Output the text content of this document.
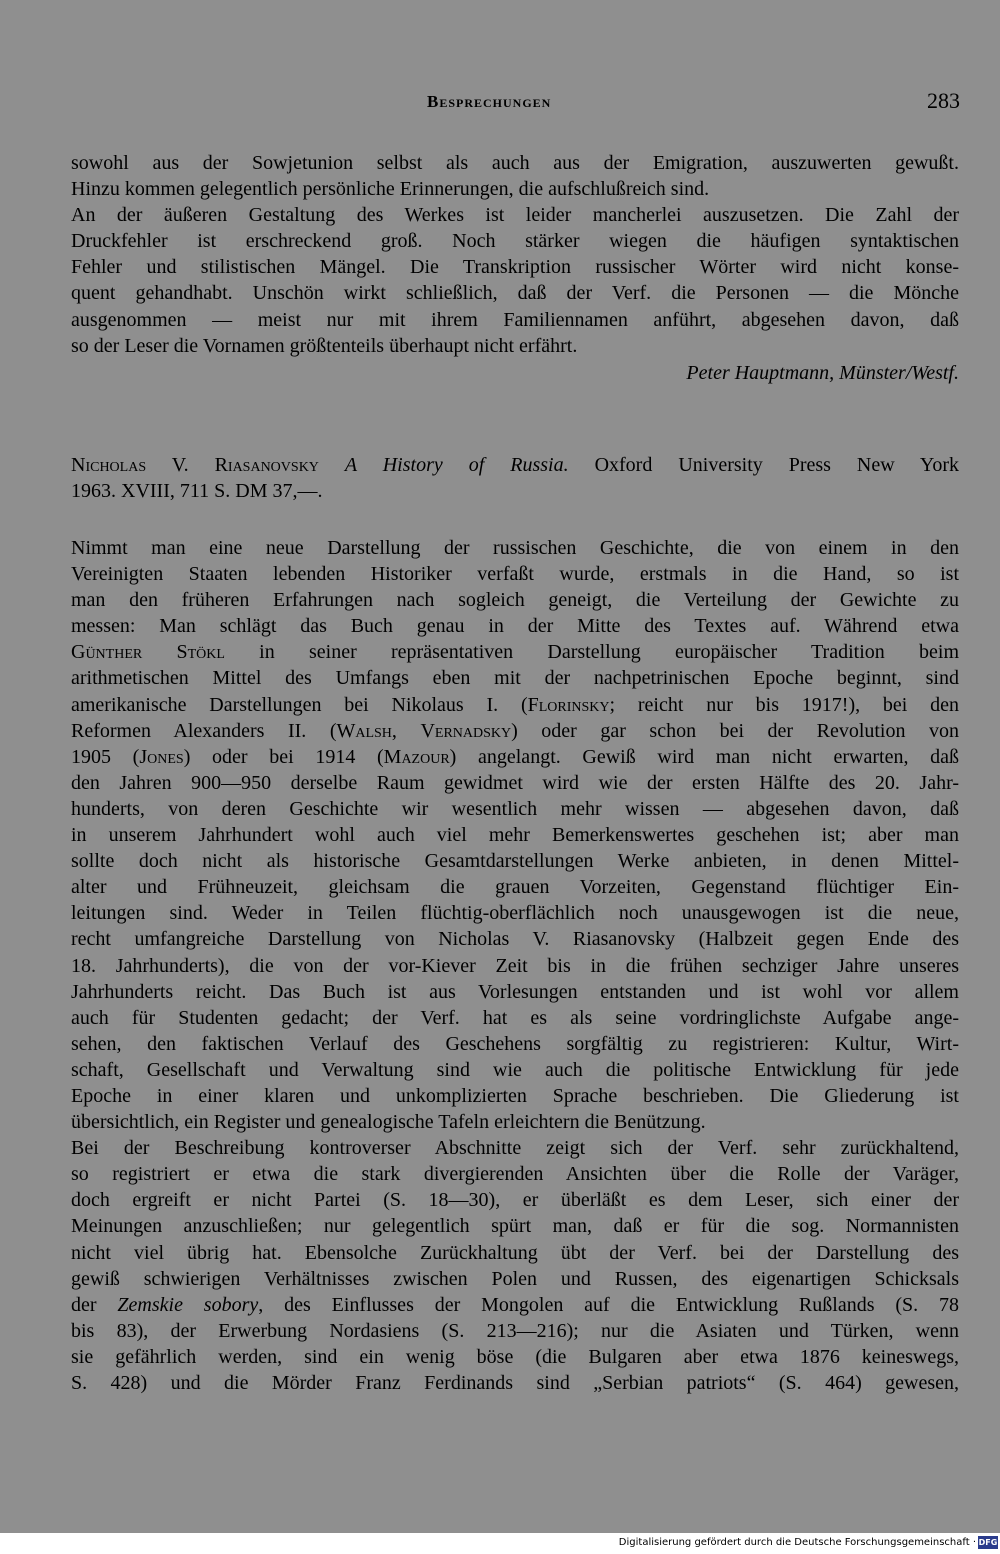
Besprechungen	283
sowohl aus der Sowjetunion selbst als auch aus der Emigration, auszuwerten gewußt.
Hinzu kommen gelegentlich persönliche Erinnerungen, die aufschlußreich sind.
An der äußeren Gestaltung des Werkes ist leider mancherlei auszusetzen. Die Zahl der
Druckfehler ist erschreckend groß. Noch stärker wiegen die häufigen syntaktischen
Fehler und stilistischen Mängel. Die Transkription russischer Wörter wird nicht konse-
quent gehandhabt. Unschön wirkt schließlich, daß der Verf. die Personen — die Mönche
ausgenommen — meist nur mit ihrem Familiennamen anführt, abgesehen davon, daß
so der Leser die Vornamen größtenteils überhaupt nicht erfährt.
Peter Hauptmann, Münster/Westf.
Nicholas V. Riasanovsky A History of Russia. Oxford University Press New York
1963. XVIII, 711 S. DM 37,—.
Nimmt man eine neue Darstellung der russischen Geschichte, die von einem in den
Vereinigten Staaten lebenden Historiker verfaßt wurde, erstmals in die Hand, so ist
man den früheren Erfahrungen nach sogleich geneigt, die Verteilung der Gewichte zu
messen: Man schlägt das Buch genau in der Mitte des Textes auf. Während etwa
Günther Stökl in seiner repräsentativen Darstellung europäischer Tradition beim
arithmetischen Mittel des Umfangs eben mit der nachpetrinischen Epoche beginnt, sind
amerikanische Darstellungen bei Nikolaus I. (Florinsky; reicht nur bis 1917!), bei den
Reformen Alexanders II. (Walsh, Vernadsky) oder gar schon bei der Revolution von
1905 (Jones) oder bei 1914 (Mazour) angelangt. Gewiß wird man nicht erwarten, daß
den Jahren 900—950 derselbe Raum gewidmet wird wie der ersten Hälfte des 20. Jahr-
hunderts, von deren Geschichte wir wesentlich mehr wissen — abgesehen davon, daß
in unserem Jahrhundert wohl auch viel mehr Bemerkenswertes geschehen ist; aber man
sollte doch nicht als historische Gesamtdarstellungen Werke anbieten, in denen Mittel-
alter und Frühneuzeit, gleichsam die grauen Vorzeiten, Gegenstand flüchtiger Ein-
leitungen sind. Weder in Teilen flüchtig-oberflächlich noch unausgewogen ist die neue,
recht umfangreiche Darstellung von Nicholas V. Riasanovsky (Halbzeit gegen Ende des
18. Jahrhunderts), die von der vor-Kiever Zeit bis in die frühen sechziger Jahre unseres
Jahrhunderts reicht. Das Buch ist aus Vorlesungen entstanden und ist wohl vor allem
auch für Studenten gedacht; der Verf. hat es als seine vordringlichste Aufgabe ange-
sehen, den faktischen Verlauf des Geschehens sorgfältig zu registrieren: Kultur, Wirt-
schaft, Gesellschaft und Verwaltung sind wie auch die politische Entwicklung für jede
Epoche in einer klaren und unkomplizierten Sprache beschrieben. Die Gliederung ist
übersichtlich, ein Register und genealogische Tafeln erleichtern die Benützung.
Bei der Beschreibung kontroverser Abschnitte zeigt sich der Verf. sehr zurückhaltend,
so registriert er etwa die stark divergierenden Ansichten über die Rolle der Varäger,
doch ergreift er nicht Partei (S. 18—30), er überläßt es dem Leser, sich einer der
Meinungen anzuschließen; nur gelegentlich spürt man, daß er für die sog. Normannisten
nicht viel übrig hat. Ebensolche Zurückhaltung übt der Verf. bei der Darstellung des
gewiß schwierigen Verhältnisses zwischen Polen und Russen, des eigenartigen Schicksals
der Zemskie sobory, des Einflusses der Mongolen auf die Entwicklung Rußlands (S. 78
bis 83), der Erwerbung Nordasiens (S. 213—216); nur die Asiaten und Türken, wenn
sie gefährlich werden, sind ein wenig böse (die Bulgaren aber etwa 1876 keineswegs,
S. 428) und die Mörder Franz Ferdinands sind „Serbian patriots“ (S. 464) gewesen,
Digitalisierung gefördert durch die Deutsche Forschungsgemeinschaft · DFG
